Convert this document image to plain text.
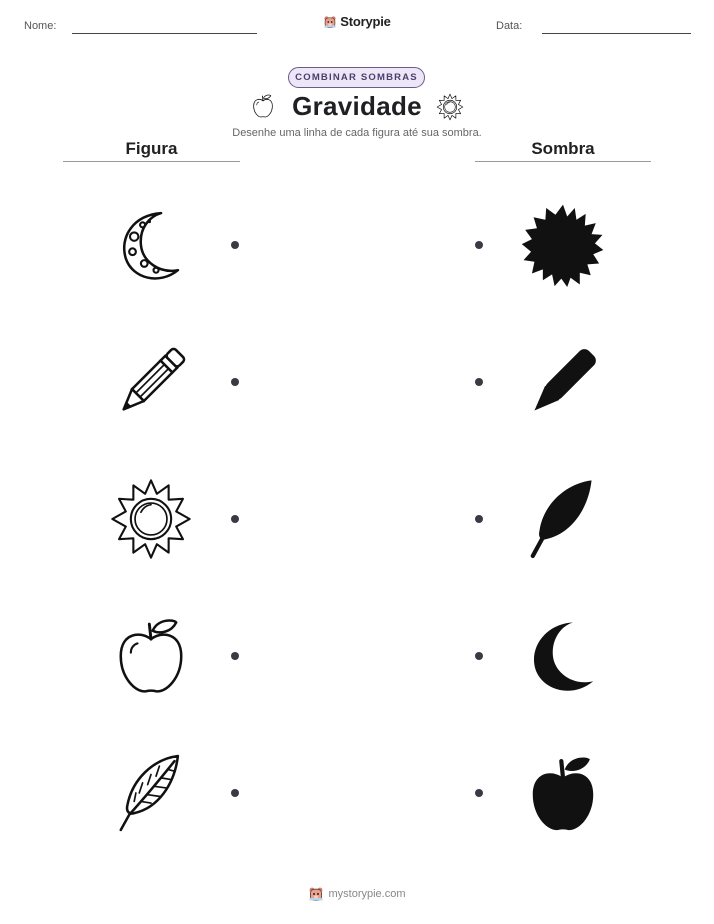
Nome:	Storypie	Data:
COMBINAR SOMBRAS
Gravidade
Desenhe uma linha de cada figura até sua sombra.
Figura	Sombra
mystorypie.com
